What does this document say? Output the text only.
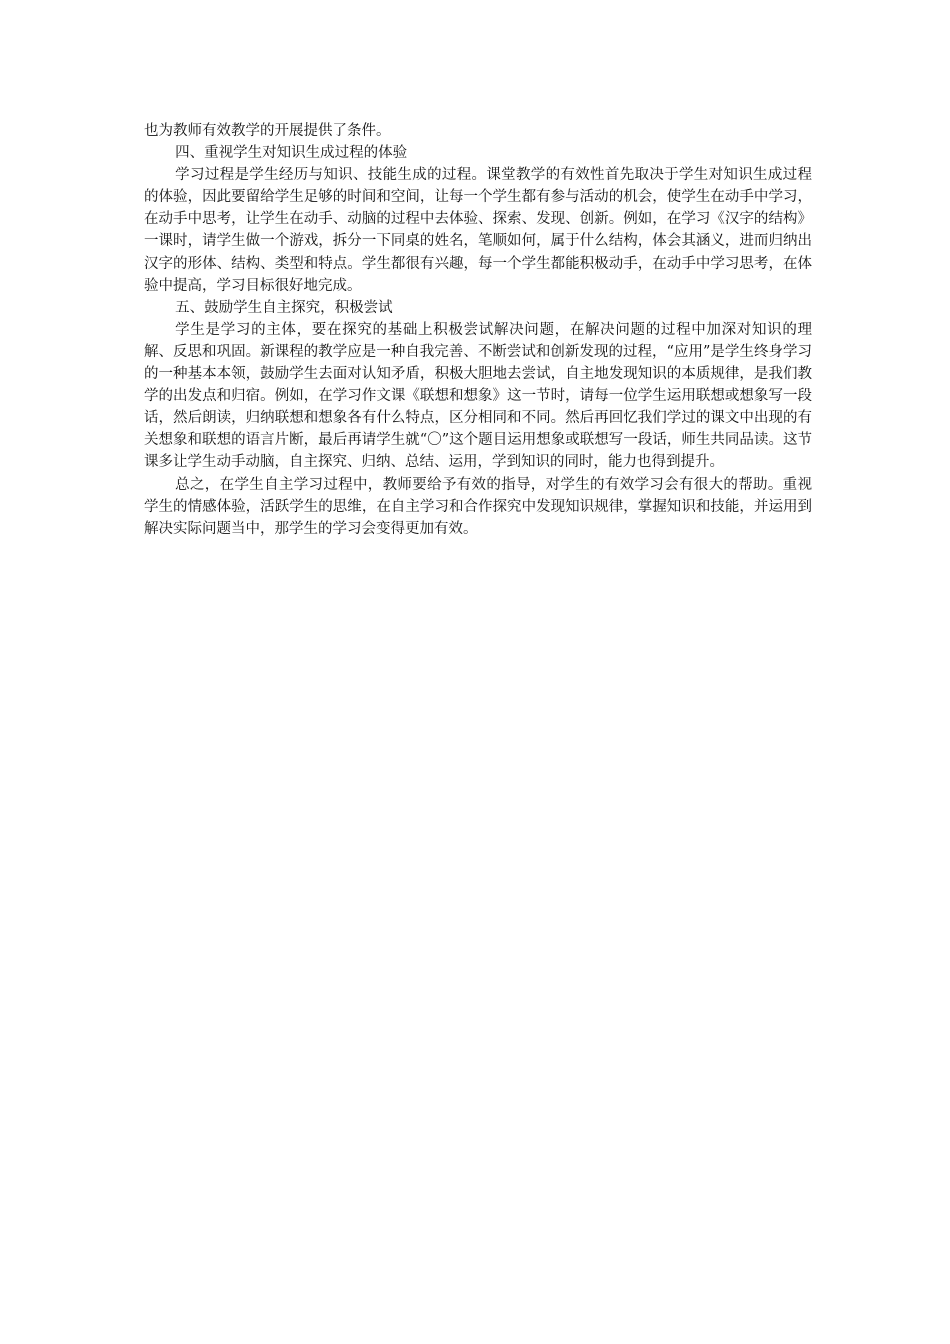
也为教师有效教学的开展提供了条件。

四、重视学生对知识生成过程的体验

学习过程是学生经历与知识、技能生成的过程。课堂教学的有效性首先取决于学生对知识生成过程的体验，因此要留给学生足够的时间和空间，让每一个学生都有参与活动的机会，使学生在动手中学习，在动手中思考，让学生在动手、动脑的过程中去体验、探索、发现、创新。例如，在学习《汉字的结构》一课时，请学生做一个游戏，拆分一下同桌的姓名，笔顺如何，属于什么结构，体会其涵义，进而归纳出汉字的形体、结构、类型和特点。学生都很有兴趣，每一个学生都能积极动手，在动手中学习思考，在体验中提高，学习目标很好地完成。

五、鼓励学生自主探究，积极尝试

学生是学习的主体，要在探究的基础上积极尝试解决问题，在解决问题的过程中加深对知识的理解、反思和巩固。新课程的教学应是一种自我完善、不断尝试和创新发现的过程，“应用”是学生终身学习的一种基本本领，鼓励学生去面对认知矛盾，积极大胆地去尝试，自主地发现知识的本质规律，是我们教学的出发点和归宿。例如，在学习作文课《联想和想象》这一节时，请每一位学生运用联想或想象写一段话，然后朗读，归纳联想和想象各有什么特点，区分相同和不同。然后再回忆我们学过的课文中出现的有关想象和联想的语言片断，最后再请学生就“〇”这个题目运用想象或联想写一段话，师生共同品读。这节课多让学生动手动脑，自主探究、归纳、总结、运用，学到知识的同时，能力也得到提升。

总之，在学生自主学习过程中，教师要给予有效的指导，对学生的有效学习会有很大的帮助。重视学生的情感体验，活跃学生的思维，在自主学习和合作探究中发现知识规律，掌握知识和技能，并运用到解决实际问题当中，那学生的学习会变得更加有效。
